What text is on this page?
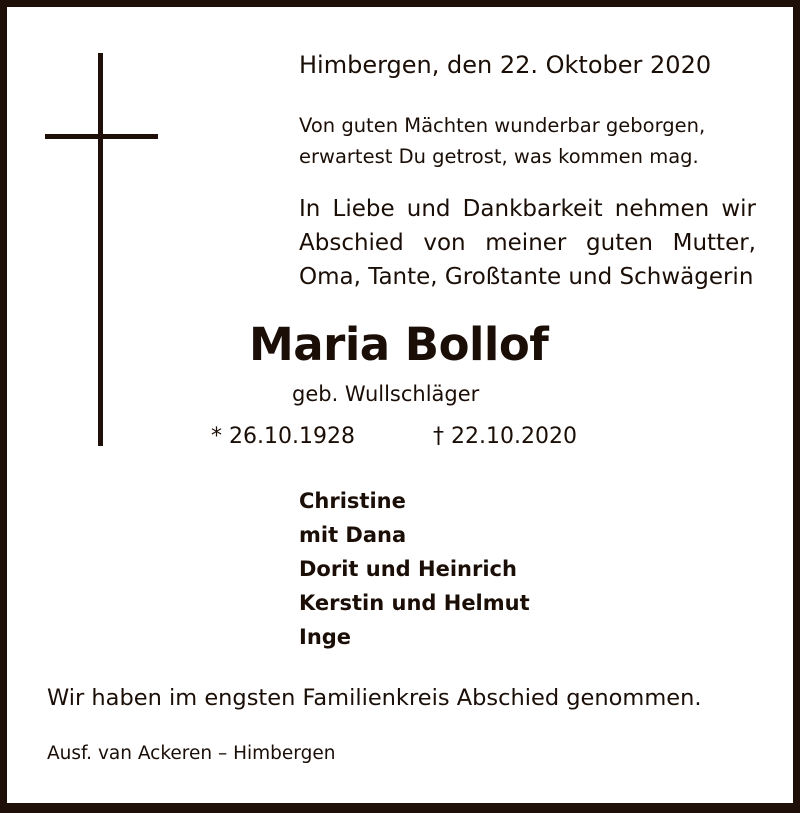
Himbergen, den 22. Oktober 2020
Von guten Mächten wunderbar geborgen,
erwartest Du getrost, was kommen mag.
In Liebe und Dankbarkeit nehmen wir
Abschied von meiner guten Mutter,
Oma, Tante, Großtante und Schwägerin
Maria Bollof
geb. Wullschläger
* 26.10.1928	† 22.10.2020
Christine
mit Dana
Dorit und Heinrich
Kerstin und Helmut
Inge
Wir haben im engsten Familienkreis Abschied genommen.
Ausf. van Ackeren – Himbergen
